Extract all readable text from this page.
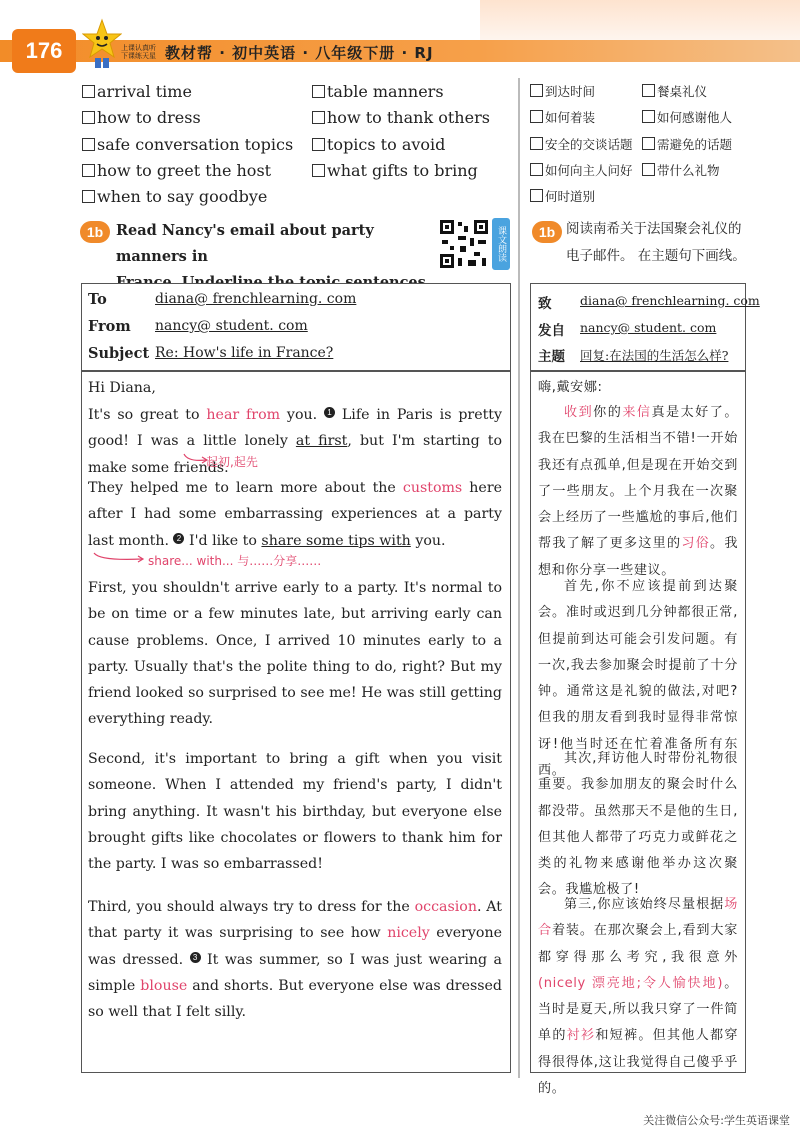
176	上课认真听
下课练天星 教材帮 · 初中英语 · 八年级下册 · RJ
arrival time
how to dress
safe conversation topics
how to greet the host
when to say goodbye
table manners
how to thank others
topics to avoid
what gifts to bring
到达时间
如何着装
安全的交谈话题
如何向主人问好
何时道别
餐桌礼仪
如何感谢他人
需避免的话题
带什么礼物
1b Read Nancy's email about party manners in	课文朗读	1b 阅读南希关于法国聚会礼仪的
电子邮件。 在主题句下画线。
To	diana@ frenchlearning. com
From nancy@ student. com
Subject Re: How's life in France?
Hi Diana,
It's so great to hear from you. 1 Life in Paris is pretty good! I was a little lonely at first, but I'm starting to make some friends.
起初,起先
They helped me to learn more about the customs here after I had some embarrassing experiences at a party last month. 2 I'd like to share some tips with you.
share... with... 与……分享……
First, you shouldn't arrive early to a party. It's normal to be on time or a few minutes late, but arriving early can cause problems. Once, I arrived 10 minutes early to a party. Usually that's the polite thing to do, right? But my friend looked so surprised to see me! He was still getting everything ready.
Second, it's important to bring a gift when you visit someone. When I attended my friend's party, I didn't bring anything. It wasn't his birthday, but everyone else brought gifts like chocolates or flowers to thank him for the party. I was so embarrassed!
Third, you should always try to dress for the occasion. At that party it was surprising to see how nicely everyone was dressed. 3 It was summer, so I was just wearing a simple blouse and shorts. But everyone else was dressed so well that I felt silly.
致 diana@ frenchlearning. com
发自 nancy@ student. com
主题 回复:在法国的生活怎么样?
嗨,戴安娜:
收到你的来信真是太好了。我在巴黎的生活相当不错!一开始我还有点孤单,但是现在开始交到了一些朋友。上个月我在一次聚会上经历了一些尴尬的事后,他们帮我了解了更多这里的习俗。我想和你分享一些建议。
首先,你不应该提前到达聚会。准时或迟到几分钟都很正常,但提前到达可能会引发问题。有一次,我去参加聚会时提前了十分钟。通常这是礼貌的做法,对吧?但我的朋友看到我时显得非常惊讶!他当时还在忙着准备所有东西。
其次,拜访他人时带份礼物很重要。我参加朋友的聚会时什么都没带。虽然那天不是他的生日,但其他人都带了巧克力或鲜花之类的礼物来感谢他举办这次聚会。我尴尬极了!
第三,你应该始终尽量根据场合着装。在那次聚会上,看到大家都穿得那么考究,我很意外(nicely 漂亮地;令人愉快地)。当时是夏天,所以我只穿了一件简单的衬衫和短裤。但其他人都穿得很得体,这让我觉得自己傻乎乎的。
关注微信公众号:学生英语课堂
